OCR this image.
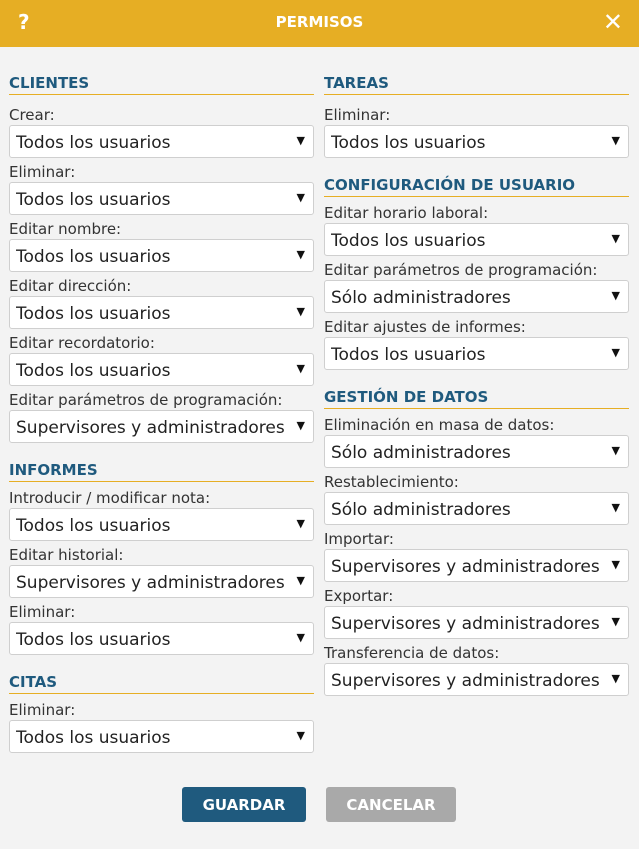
?	PERMISOS	✕
CLIENTES
Crear:
Todos los usuarios	▼
Eliminar:
Todos los usuarios	▼
Editar nombre:
Todos los usuarios	▼
Editar dirección:
Todos los usuarios	▼
Editar recordatorio:
Todos los usuarios	▼
Editar parámetros de programación:
Supervisores y administradores	▼
INFORMES
Introducir / modificar nota:
Todos los usuarios	▼
Editar historial:
Supervisores y administradores	▼
Eliminar:
Todos los usuarios	▼
CITAS
Eliminar:
Todos los usuarios	▼
TAREAS
Eliminar:
Todos los usuarios	▼
CONFIGURACIÓN DE USUARIO
Editar horario laboral:
Todos los usuarios	▼
Editar parámetros de programación:
Sólo administradores	▼
Editar ajustes de informes:
Todos los usuarios	▼
GESTIÓN DE DATOS
Eliminación en masa de datos:
Sólo administradores	▼
Restablecimiento:
Sólo administradores	▼
Importar:
Supervisores y administradores	▼
Exportar:
Supervisores y administradores	▼
Transferencia de datos:
Supervisores y administradores	▼
GUARDAR	CANCELAR
